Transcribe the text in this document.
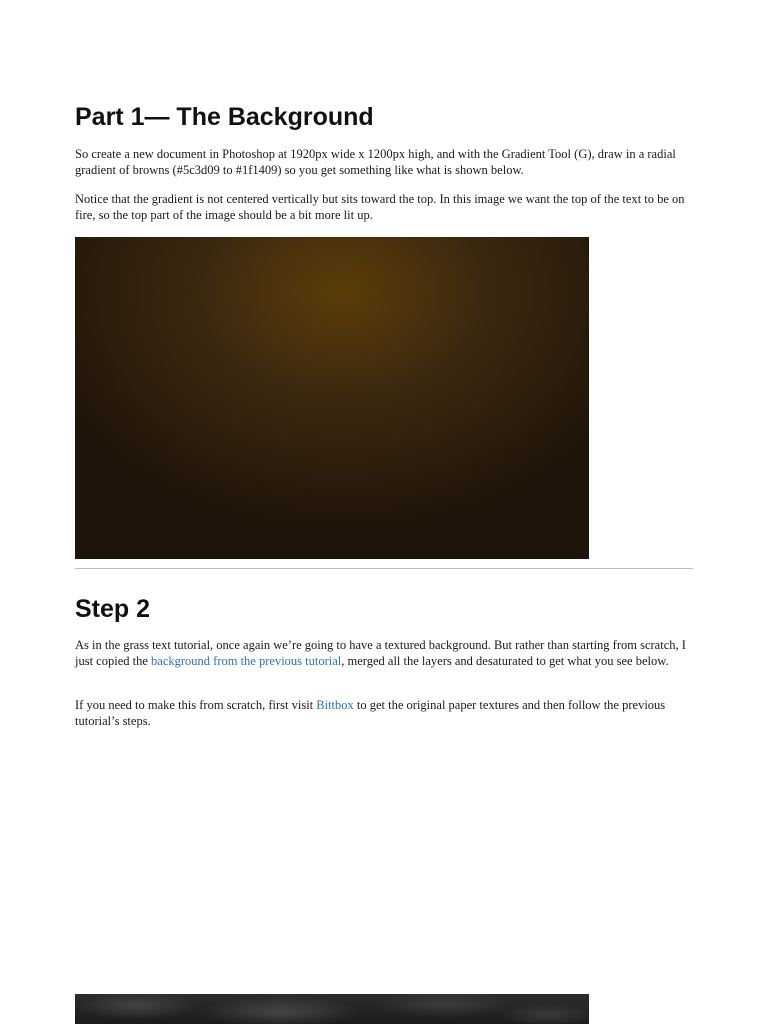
Part 1— The Background

So create a new document in Photoshop at 1920px wide x 1200px high, and with the Gradient Tool (G), draw in a radial gradient of browns (#5c3d09 to #1f1409) so you get something like what is shown below.

Notice that the gradient is not centered vertically but sits toward the top. In this image we want the top of the text to be on fire, so the top part of the image should be a bit more lit up.

Step 2

As in the grass text tutorial, once again we’re going to have a textured background. But rather than starting from scratch, I just copied the background from the previous tutorial, merged all the layers and desaturated to get what you see below.

If you need to make this from scratch, first visit Bittbox to get the original paper textures and then follow the previous tutorial’s steps.
